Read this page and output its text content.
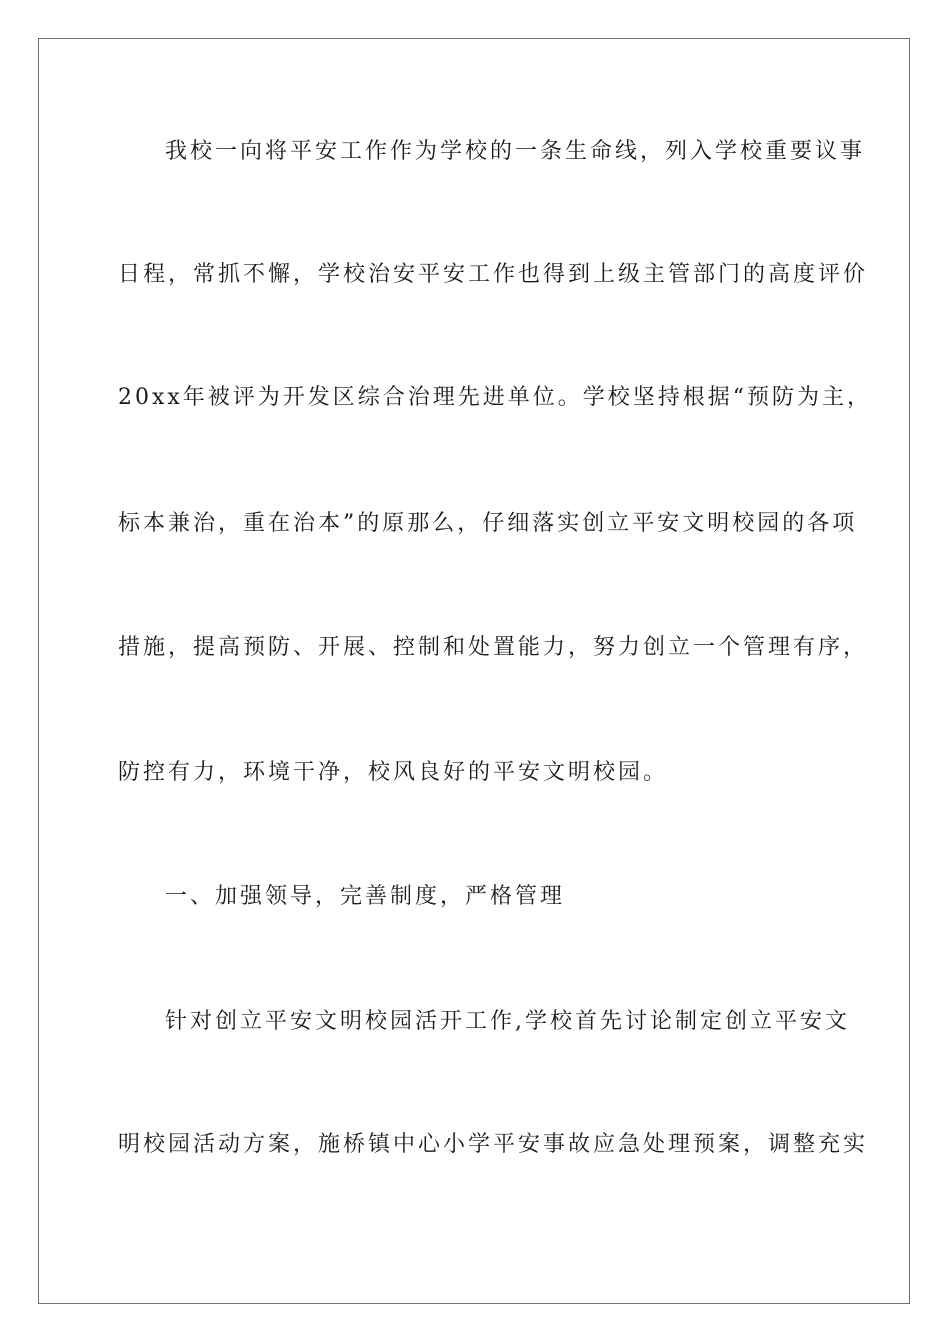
我校一向将平安工作作为学校的一条生命线，列入学校重要议事
日程，常抓不懈，学校治安平安工作也得到上级主管部门的高度评价
20xx年被评为开发区综合治理先进单位。学校坚持根据“预防为主，
标本兼治，重在治本”的原那么，仔细落实创立平安文明校园的各项
措施，提高预防、开展、控制和处置能力，努力创立一个管理有序，
防控有力，环境干净，校风良好的平安文明校园。
一、加强领导，完善制度，严格管理
针对创立平安文明校园活开工作,学校首先讨论制定创立平安文
明校园活动方案，施桥镇中心小学平安事故应急处理预案，调整充实
